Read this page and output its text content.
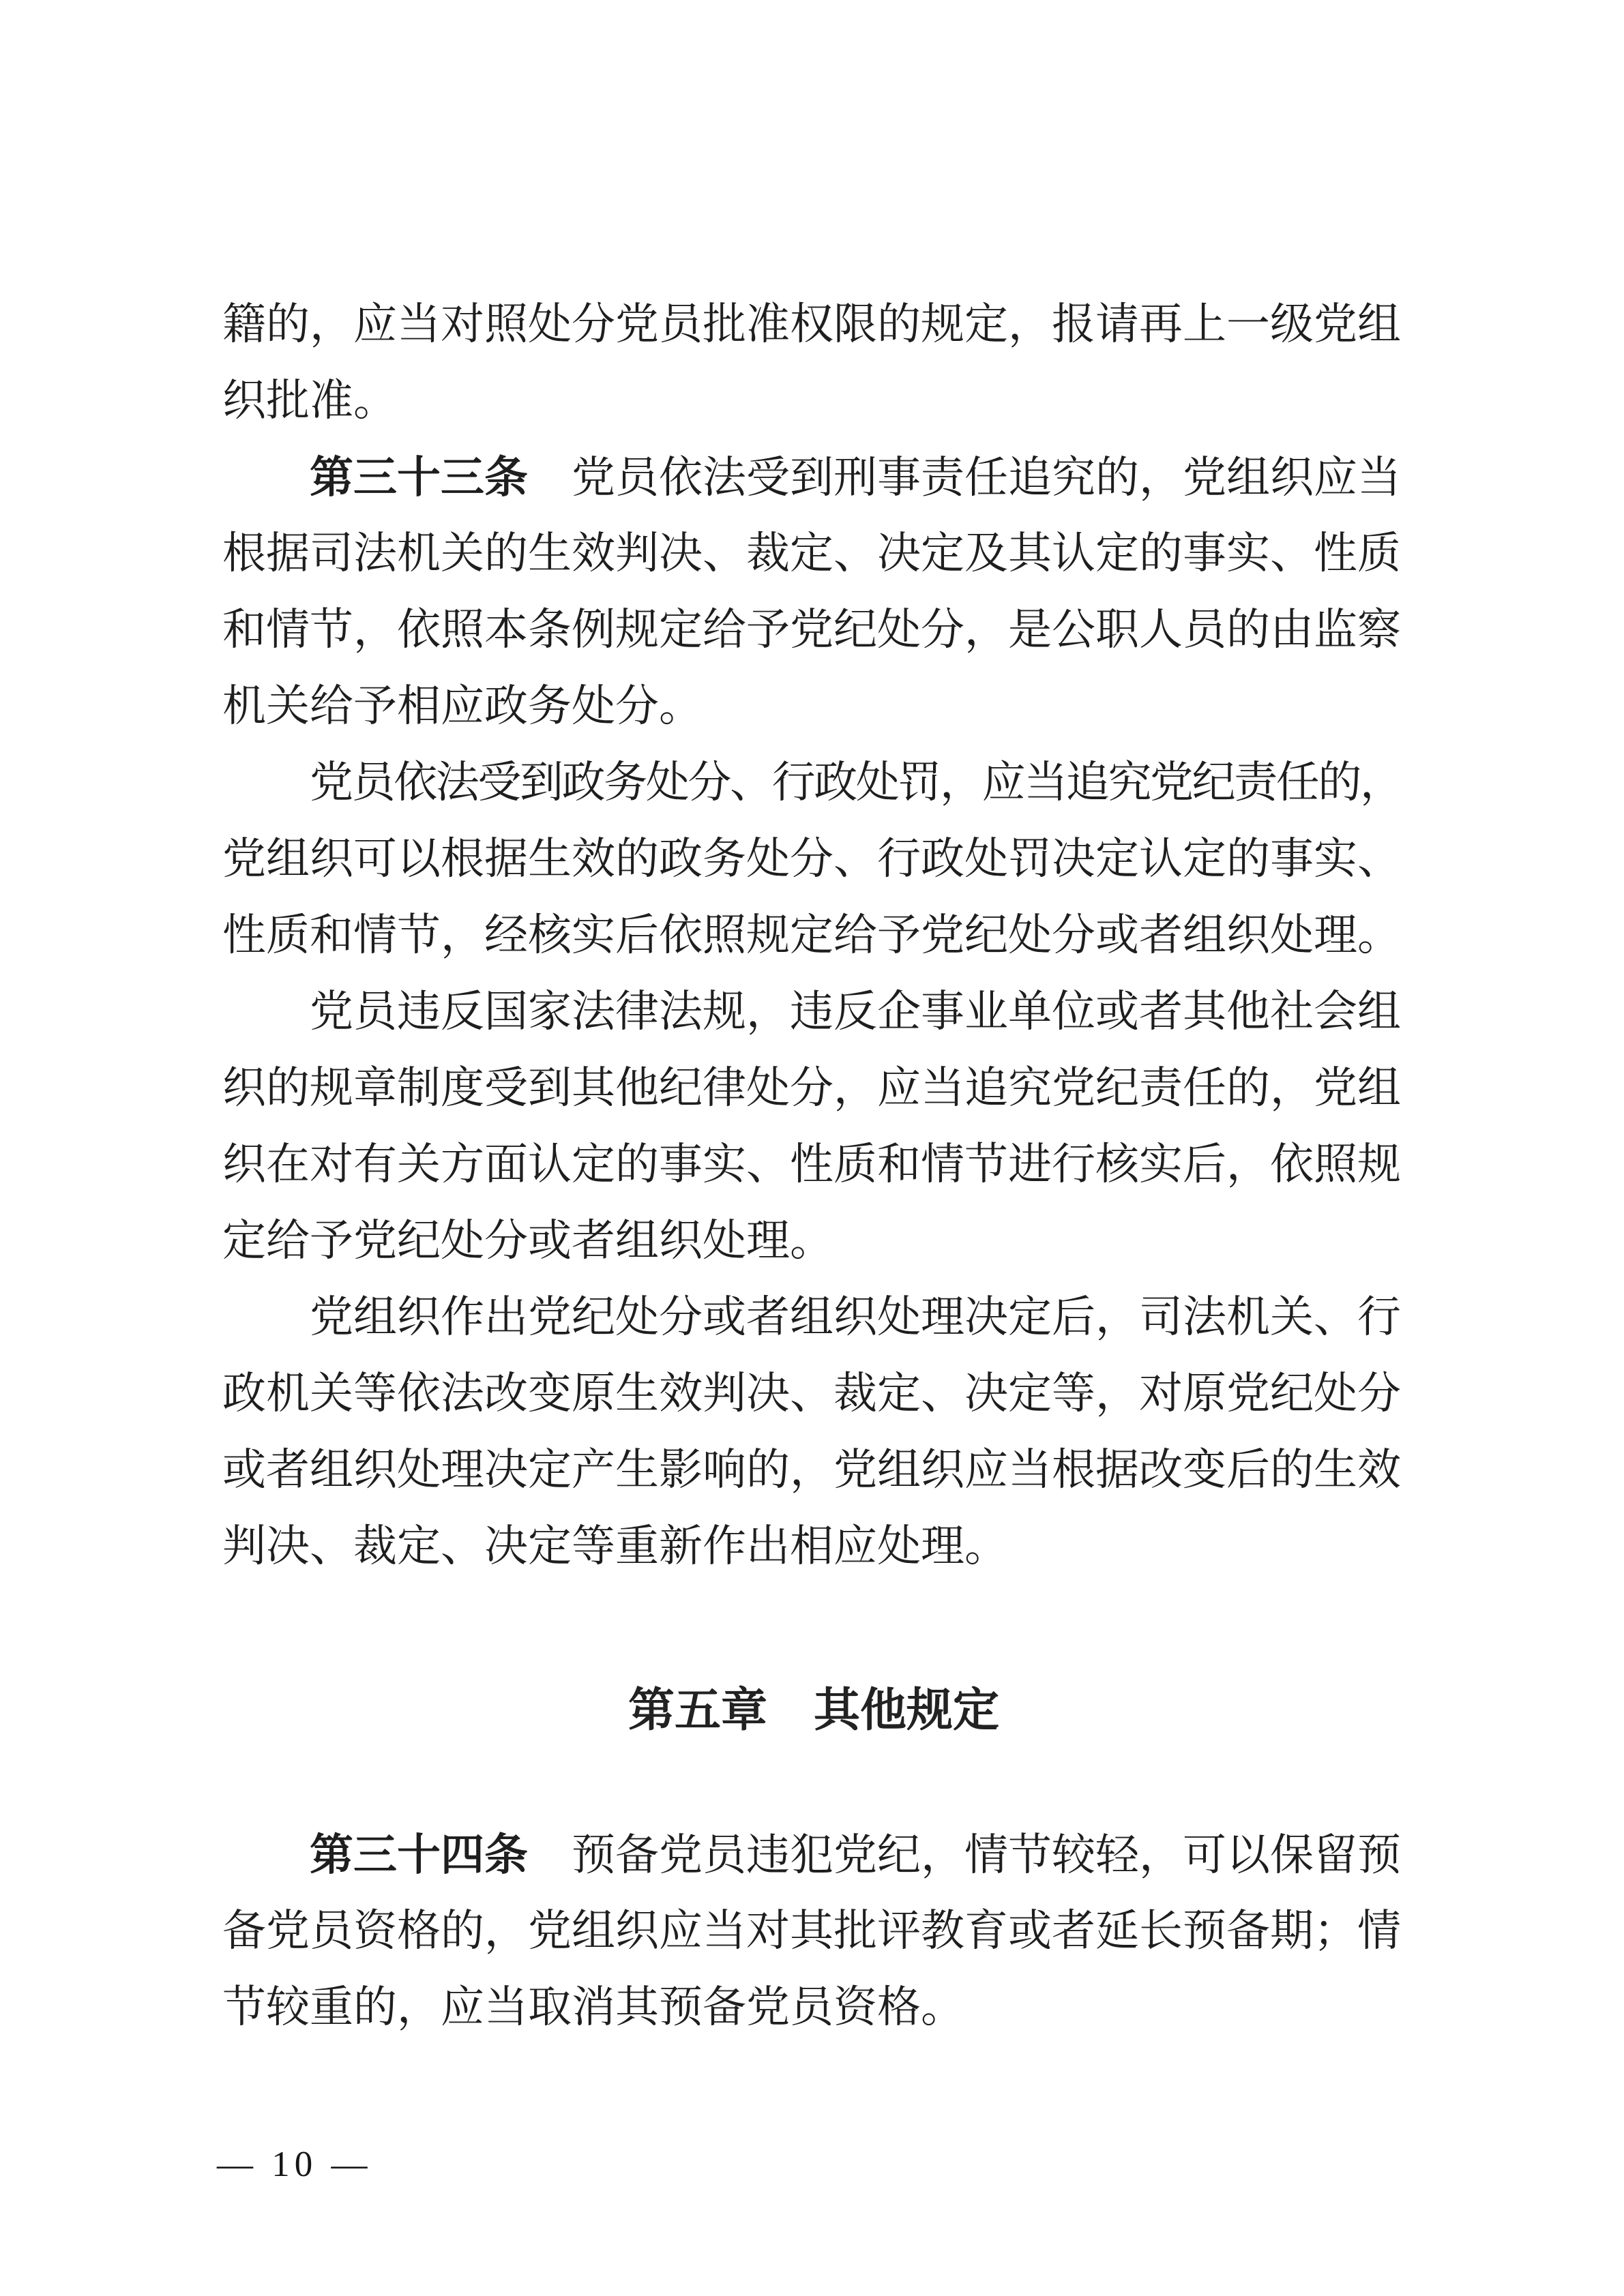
籍的，应当对照处分党员批准权限的规定，报请再上一级党组
织批准。
第三十三条　党员依法受到刑事责任追究的，党组织应当
根据司法机关的生效判决、裁定、决定及其认定的事实、性质
和情节，依照本条例规定给予党纪处分，是公职人员的由监察
机关给予相应政务处分。
党员依法受到政务处分、行政处罚，应当追究党纪责任的，
党组织可以根据生效的政务处分、行政处罚决定认定的事实、
性质和情节，经核实后依照规定给予党纪处分或者组织处理。
党员违反国家法律法规，违反企事业单位或者其他社会组
织的规章制度受到其他纪律处分，应当追究党纪责任的，党组
织在对有关方面认定的事实、性质和情节进行核实后，依照规
定给予党纪处分或者组织处理。
党组织作出党纪处分或者组织处理决定后，司法机关、行
政机关等依法改变原生效判决、裁定、决定等，对原党纪处分
或者组织处理决定产生影响的，党组织应当根据改变后的生效
判决、裁定、决定等重新作出相应处理。
第五章　其他规定
第三十四条　预备党员违犯党纪，情节较轻，可以保留预
备党员资格的，党组织应当对其批评教育或者延长预备期；情
节较重的，应当取消其预备党员资格。
— 10 —
